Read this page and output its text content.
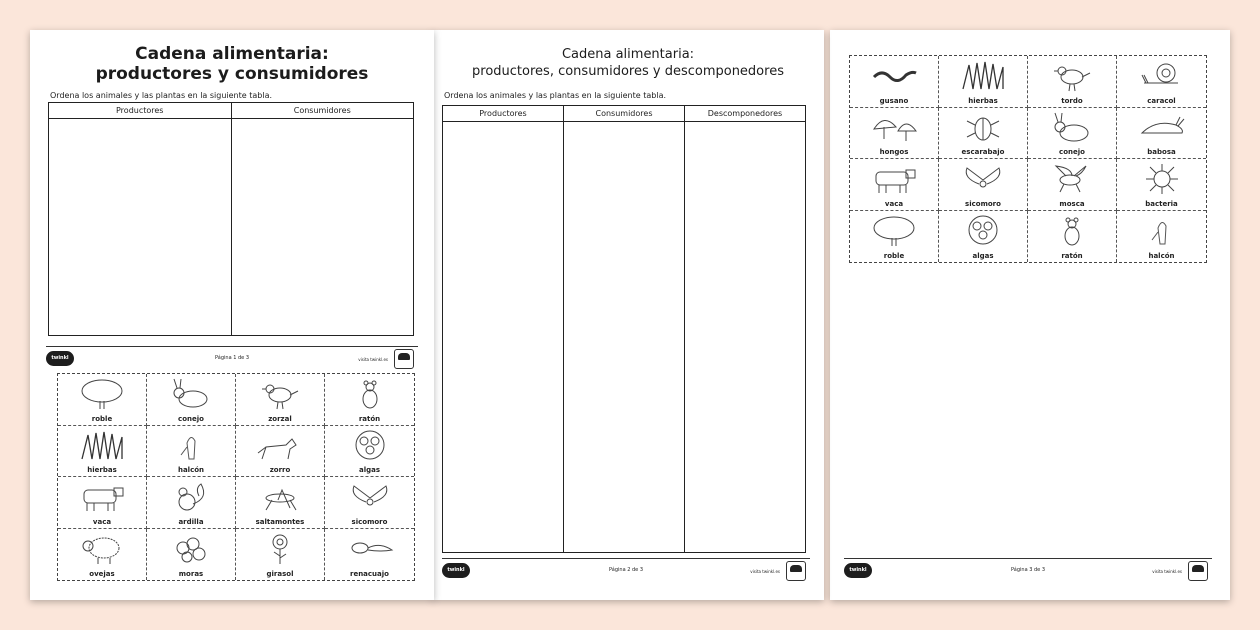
Cadena alimentaria:
productores y consumidores
Ordena los animales y las plantas en la siguiente tabla.
Productores	Consumidores
twinkl	Página 1 de 3	visita twinkl.es
roble	conejo	zorzal	ratón
hierbas	halcón	zorro	algas
vaca	ardilla	saltamontes	sicomoro
ovejas	moras	girasol	renacuajo
Cadena alimentaria:
productores, consumidores y descomponedores
Ordena los animales y las plantas en la siguiente tabla.
Productores	Consumidores	Descomponedores
twinkl	Página 2 de 3	visita twinkl.es
gusano	hierbas	tordo	caracol
hongos	escarabajo	conejo	babosa
vaca	sicomoro	mosca	bacteria
roble	algas	ratón	halcón
twinkl	Página 3 de 3	visita twinkl.es
